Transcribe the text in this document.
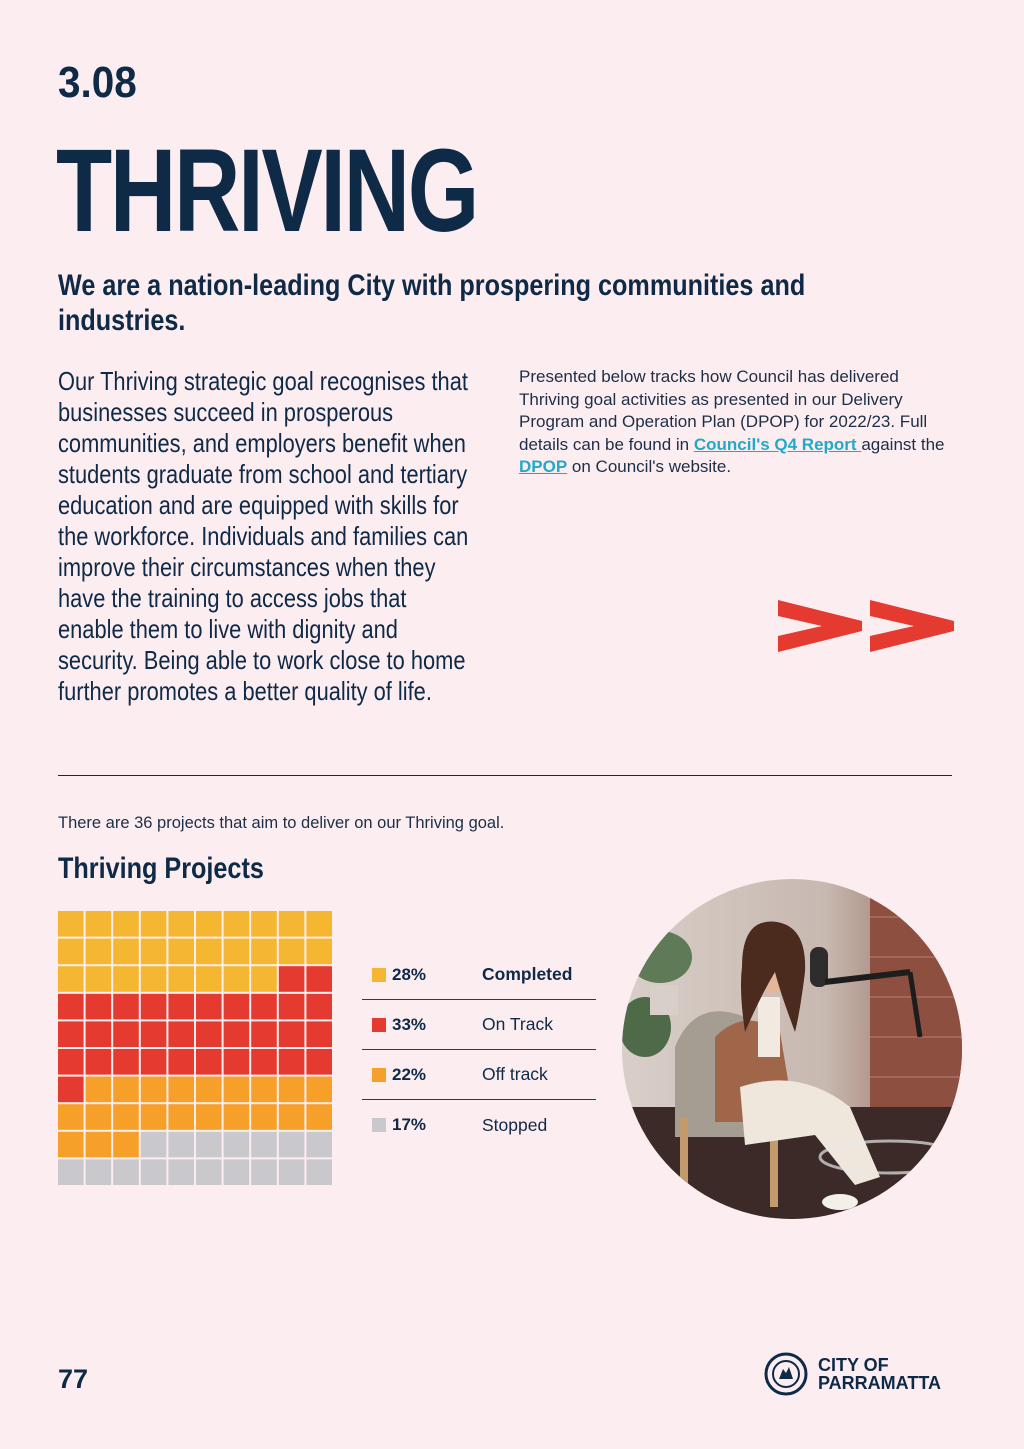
3.08
THRIVING
We are a nation-leading City with prospering communities and industries.
Our Thriving strategic goal recognises that businesses succeed in prosperous communities, and employers benefit when students graduate from school and tertiary education and are equipped with skills for the workforce. Individuals and families can improve their circumstances when they have the training to access jobs that enable them to live with dignity and security. Being able to work close to home further promotes a better quality of life.
Presented below tracks how Council has delivered Thriving goal activities as presented in our Delivery Program and Operation Plan (DPOP) for 2022/23. Full details can be found in Council's Q4 Report against the DPOP on Council's website.
There are 36 projects that aim to deliver on our Thriving goal.
Thriving Projects
28%	Completed
33%	On Track
22%	Off track
17%	Stopped
77	CITY OF
PARRAMATTA
